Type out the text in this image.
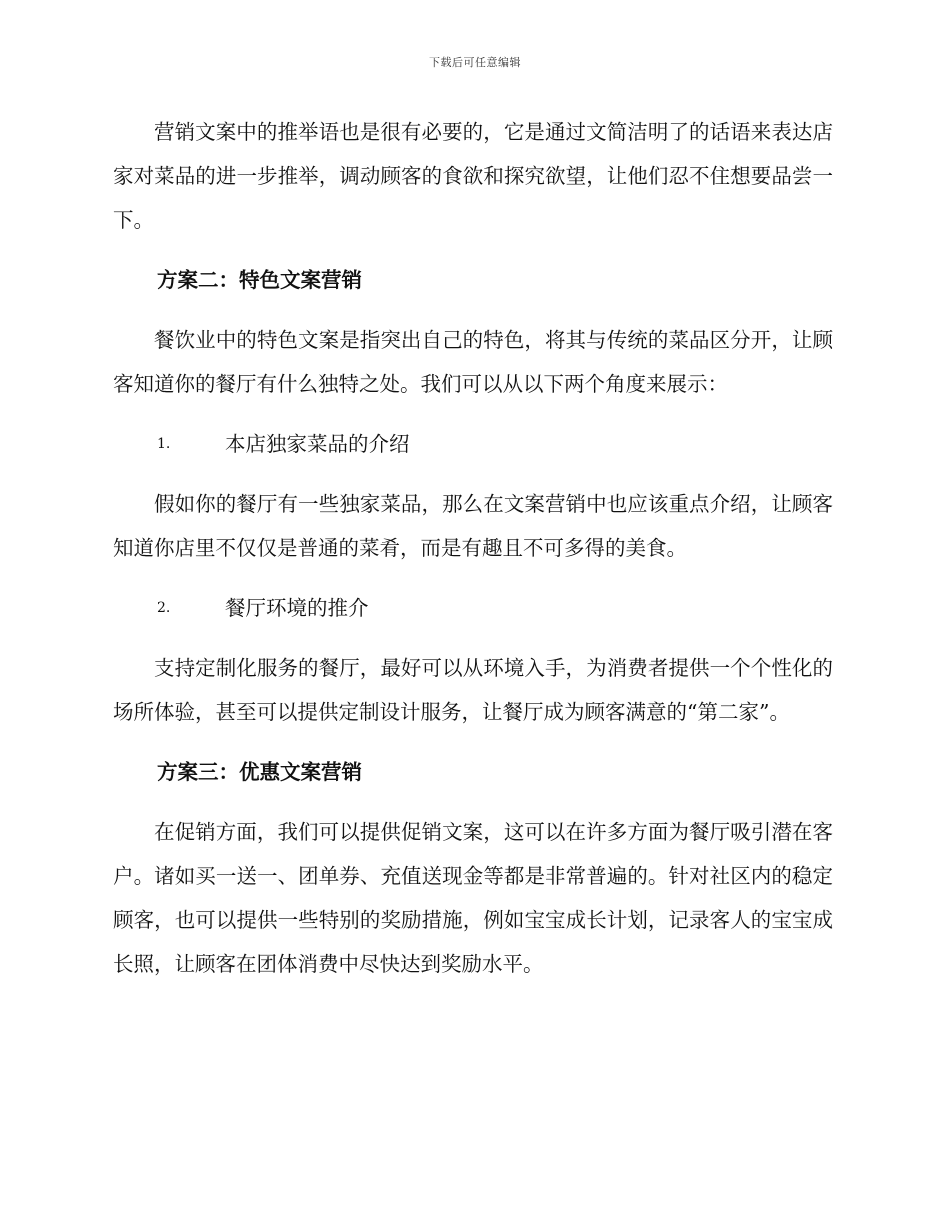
下载后可任意编辑

营销文案中的推举语也是很有必要的，它是通过文简洁明了的话语来表达店家对菜品的进一步推举，调动顾客的食欲和探究欲望，让他们忍不住想要品尝一下。

方案二：特色文案营销

餐饮业中的特色文案是指突出自己的特色，将其与传统的菜品区分开，让顾客知道你的餐厅有什么独特之处。我们可以从以下两个角度来展示：

1.	本店独家菜品的介绍

假如你的餐厅有一些独家菜品，那么在文案营销中也应该重点介绍，让顾客知道你店里不仅仅是普通的菜肴，而是有趣且不可多得的美食。

2.	餐厅环境的推介

支持定制化服务的餐厅，最好可以从环境入手，为消费者提供一个个性化的场所体验，甚至可以提供定制设计服务，让餐厅成为顾客满意的“第二家”。

方案三：优惠文案营销

在促销方面，我们可以提供促销文案，这可以在许多方面为餐厅吸引潜在客户。诸如买一送一、团单券、充值送现金等都是非常普遍的。针对社区内的稳定顾客，也可以提供一些特别的奖励措施，例如宝宝成长计划，记录客人的宝宝成长照，让顾客在团体消费中尽快达到奖励水平。
